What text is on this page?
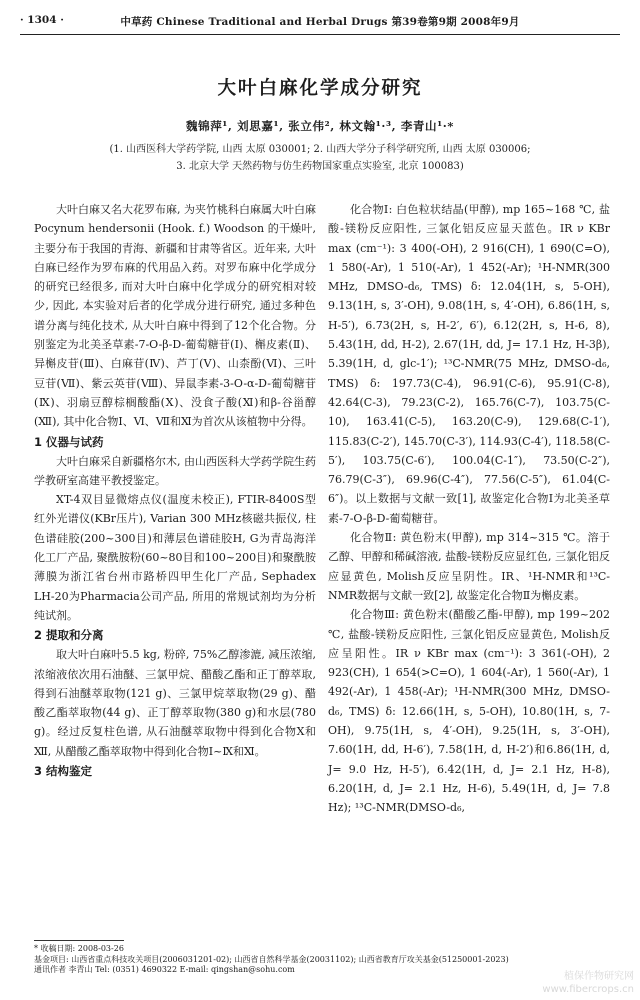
· 1304 ·	中草药 Chinese Traditional and Herbal Drugs 第39卷第9期 2008年9月
大叶白麻化学成分研究
魏锦萍¹, 刘思嘉¹, 张立伟², 林文翰¹·³, 李青山¹·*
(1. 山西医科大学药学院, 山西 太原 030001; 2. 山西大学分子科学研究所, 山西 太原 030006;
3. 北京大学 天然药物与仿生药物国家重点实验室, 北京 100083)

大叶白麻又名大花罗布麻, 为夹竹桃科白麻属大叶白麻 Pocynum hendersonii (Hook. f.) Woodson 的干燥叶, 主要分布于我国的青海、新疆和甘肃等省区。近年来, 大叶白麻已经作为罗布麻的代用品入药。对罗布麻中化学成分的研究已经很多, 而对大叶白麻中化学成分的研究相对较少, 因此, 本实验对后者的化学成分进行研究, 通过多种色谱分离与纯化技术, 从大叶白麻中得到了12个化合物。分别鉴定为北美圣草素-7-O-β-D-葡萄糖苷(Ⅰ)、槲皮素(Ⅱ)、异槲皮苷(Ⅲ)、白麻苷(Ⅳ)、芦丁(Ⅴ)、山柰酚(Ⅵ)、三叶豆苷(Ⅶ)、紫云英苷(Ⅷ)、异鼠李素-3-O-α-D-葡萄糖苷(Ⅸ)、羽扇豆醇棕榈酸酯(Ⅹ)、没食子酸(Ⅺ)和β-谷甾醇(Ⅻ), 其中化合物Ⅰ、Ⅵ、Ⅶ和Ⅺ为首次从该植物中分得。

1 仪器与试药

大叶白麻采自新疆格尔木, 由山西医科大学药学院生药学教研室高建平教授鉴定。

XT-4双目显微熔点仪(温度未校正), FTIR-8400S型红外光谱仪(KBr压片), Varian 300 MHz核磁共振仪, 柱色谱硅胶(200~300目)和薄层色谱硅胶H, G为青岛海洋化工厂产品, 聚酰胺粉(60~80目和100~200目)和聚酰胺薄膜为浙江省台州市路桥四甲生化厂产品, Sephadex LH-20为Pharmacia公司产品, 所用的常规试剂均为分析纯试剂。

2 提取和分离

取大叶白麻叶5.5 kg, 粉碎, 75%乙醇渗漉, 减压浓缩, 浓缩液依次用石油醚、三氯甲烷、醋酸乙酯和正丁醇萃取, 得到石油醚萃取物(121 g)、三氯甲烷萃取物(29 g)、醋酸乙酯萃取物(44 g)、正丁醇萃取物(380 g)和水层(780 g)。经过反复柱色谱, 从石油醚萃取物中得到化合物Ⅹ和Ⅻ, 从醋酸乙酯萃取物中得到化合物Ⅰ~Ⅸ和Ⅺ。

3 结构鉴定

化合物Ⅰ: 白色粒状结晶(甲醇), mp 165~168 ℃, 盐酸-镁粉反应阳性, 三氯化铝反应显天蓝色。IR ν KBr max (cm⁻¹): 3 400(-OH), 2 916(CH), 1 690(C=O), 1 580(-Ar), 1 510(-Ar), 1 452(-Ar); ¹H-NMR(300 MHz, DMSO-d₆, TMS) δ: 12.04(1H, s, 5-OH), 9.13(1H, s, 3′-OH), 9.08(1H, s, 4′-OH), 6.86(1H, s, H-5′), 6.73(2H, s, H-2′, 6′), 6.12(2H, s, H-6, 8), 5.43(1H, dd, H-2), 2.67(1H, dd, J= 17.1 Hz, H-3β), 5.39(1H, d, glc-1′); ¹³C-NMR(75 MHz, DMSO-d₆, TMS) δ: 197.73(C-4), 96.91(C-6), 95.91(C-8), 42.64(C-3), 79.23(C-2), 165.76(C-7), 103.75(C-10), 163.41(C-5), 163.20(C-9), 129.68(C-1′), 115.83(C-2′), 145.70(C-3′), 114.93(C-4′), 118.58(C-5′), 103.75(C-6′), 100.04(C-1″), 73.50(C-2″), 76.79(C-3″), 69.96(C-4″), 77.56(C-5″), 61.04(C-6″)。以上数据与文献一致[1], 故鉴定化合物Ⅰ为北美圣草素-7-O-β-D-葡萄糖苷。

化合物Ⅱ: 黄色粉末(甲醇), mp 314~315 ℃。溶于乙醇、甲醇和稀碱溶液, 盐酸-镁粉反应显红色, 三氯化铝反应显黄色, Molish反应呈阴性。IR、¹H-NMR和¹³C-NMR数据与文献一致[2], 故鉴定化合物Ⅱ为槲皮素。

化合物Ⅲ: 黄色粉末(醋酸乙酯-甲醇), mp 199~202 ℃, 盐酸-镁粉反应阳性, 三氯化铝反应显黄色, Molish反应呈阳性。IR ν KBr max (cm⁻¹): 3 361(-OH), 2 923(CH), 1 654(>C=O), 1 604(-Ar), 1 560(-Ar), 1 492(-Ar), 1 458(-Ar); ¹H-NMR(300 MHz, DMSO-d₆, TMS) δ: 12.66(1H, s, 5-OH), 10.80(1H, s, 7-OH), 9.75(1H, s, 4′-OH), 9.25(1H, s, 3′-OH), 7.60(1H, dd, H-6′), 7.58(1H, d, H-2′)和6.86(1H, d, J= 9.0 Hz, H-5′), 6.42(1H, d, J= 2.1 Hz, H-8), 6.20(1H, d, J= 2.1 Hz, H-6), 5.49(1H, d, J= 7.8 Hz); ¹³C-NMR(DMSO-d₆,

* 收稿日期: 2008-03-26
基金项目: 山西省重点科技攻关项目(2006031201-02); 山西省自然科学基金(20031102); 山西省教育厅攻关基金(51250001-2023)
通讯作者 李青山 Tel: (0351) 4690322 E-mail: qingshan@sohu.com
植保作物研究网
www.fibercrops.cn
